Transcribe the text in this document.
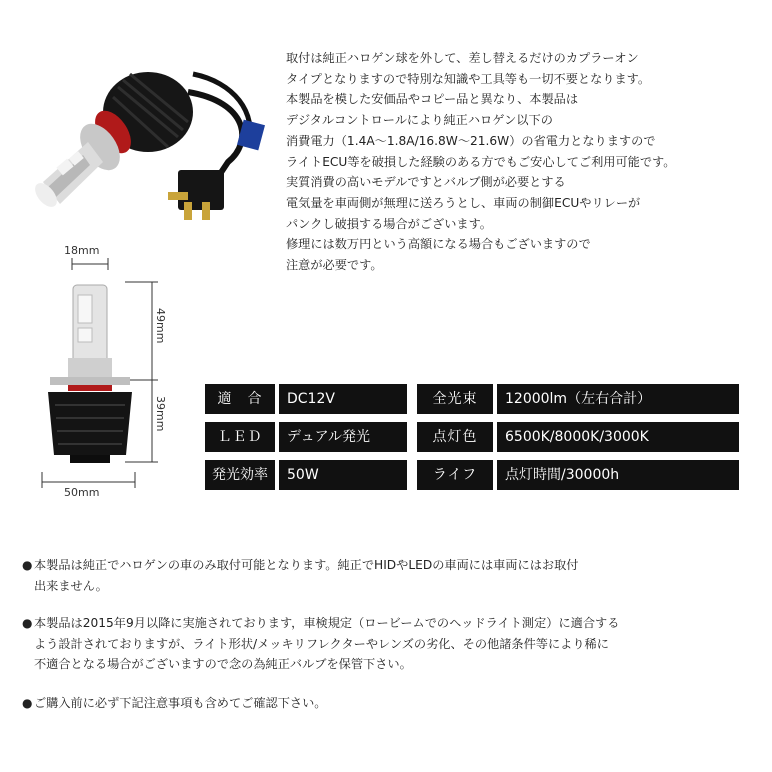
取付は純正ハロゲン球を外して、差し替えるだけのカプラーオン
タイプとなりますので特別な知識や工具等も一切不要となります。
本製品を模した安価品やコピー品と異なり、本製品は
デジタルコントロールにより純正ハロゲン以下の
消費電力（1.4A～1.8A/16.8W～21.6W）の省電力となりますので
ライトECU等を破損した経験のある方でもご安心してご利用可能です。
実質消費の高いモデルですとバルブ側が必要とする
電気量を車両側が無理に送ろうとし、車両の制御ECUやリレーが
パンクし破損する場合がございます。
修理には数万円という高額になる場合もございますので
注意が必要です。
18mm
49mm
39mm
50mm
適　合	DC12V	全光束	12000lm（左右合計）
ＬＥＤ	デュアル発光	点灯色	6500K/8000K/3000K
発光効率	50W	ライフ	点灯時間/30000h
● 本製品は純正でハロゲンの車のみ取付可能となります。純正でHIDやLEDの車両には車両にはお取付
出来ません。
● 本製品は2015年9月以降に実施されております，車検規定（ロービームでのヘッドライト測定）に適合する
よう設計されておりますが、ライト形状/メッキリフレクターやレンズの劣化、その他諸条件等により稀に
不適合となる場合がございますので念の為純正バルブを保管下さい。
● ご購入前に必ず下記注意事項も含めてご確認下さい。
